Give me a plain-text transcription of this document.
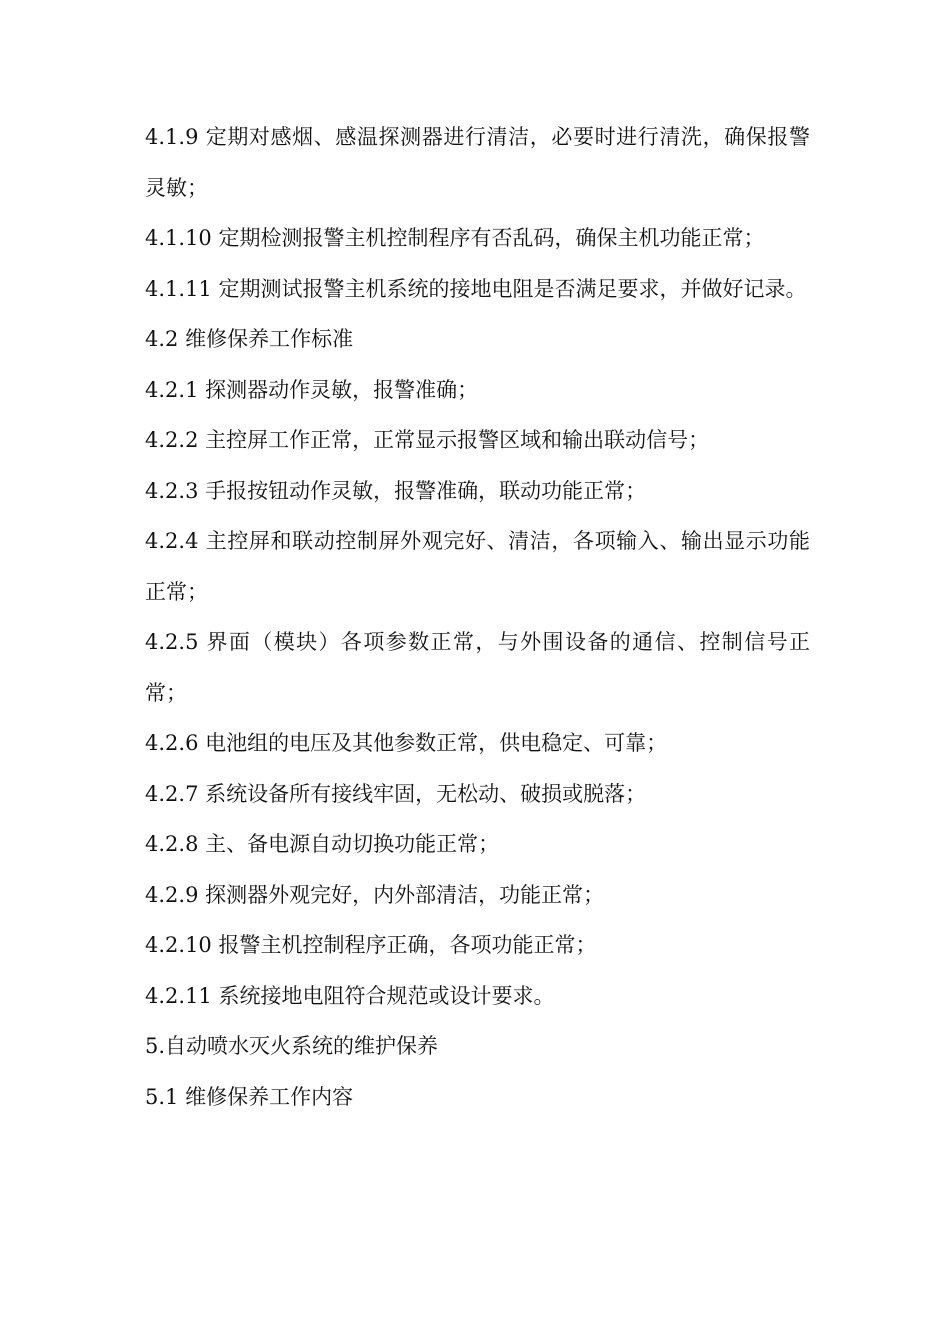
4.1.9 定期对感烟、感温探测器进行清洁，必要时进行清洗，确保报警灵敏；

4.1.10 定期检测报警主机控制程序有否乱码，确保主机功能正常；

4.1.11 定期测试报警主机系统的接地电阻是否满足要求，并做好记录。

4.2 维修保养工作标准

4.2.1 探测器动作灵敏，报警准确；

4.2.2 主控屏工作正常，正常显示报警区域和输出联动信号；

4.2.3 手报按钮动作灵敏，报警准确，联动功能正常；

4.2.4 主控屏和联动控制屏外观完好、清洁，各项输入、输出显示功能正常；

4.2.5 界面（模块）各项参数正常，与外围设备的通信、控制信号正常；

4.2.6 电池组的电压及其他参数正常，供电稳定、可靠；

4.2.7 系统设备所有接线牢固，无松动、破损或脱落；

4.2.8 主、备电源自动切换功能正常；

4.2.9 探测器外观完好，内外部清洁，功能正常；

4.2.10 报警主机控制程序正确，各项功能正常；

4.2.11 系统接地电阻符合规范或设计要求。

5.自动喷水灭火系统的维护保养

5.1 维修保养工作内容
